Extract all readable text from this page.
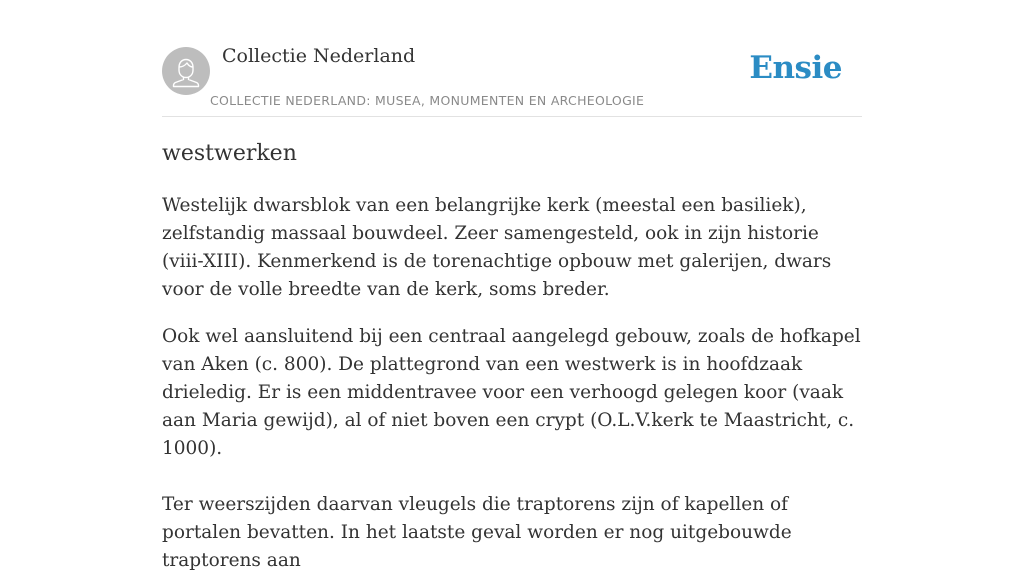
Collectie Nederland
COLLECTIE NEDERLAND: MUSEA, MONUMENTEN EN ARCHEOLOGIE
Ensie
westwerken

Westelijk dwarsblok van een belangrijke kerk (meestal een basiliek), zelfstandig massaal bouwdeel. Zeer samengesteld, ook in zijn historie (viii-XIII). Kenmerkend is de torenachtige opbouw met galerijen, dwars voor de volle breedte van de kerk, soms breder.

Ook wel aansluitend bij een centraal aangelegd gebouw, zoals de hofkapel van Aken (c. 800). De plattegrond van een westwerk is in hoofdzaak drieledig. Er is een middentravee voor een verhoogd gelegen koor (vaak aan Maria gewijd), al of niet boven een crypt (O.L.V.kerk te Maastricht, c. 1000).

Ter weerszijden daarvan vleugels die traptorens zijn of kapellen of portalen bevatten. In het laatste geval worden er nog uitgebouwde traptorens aan
